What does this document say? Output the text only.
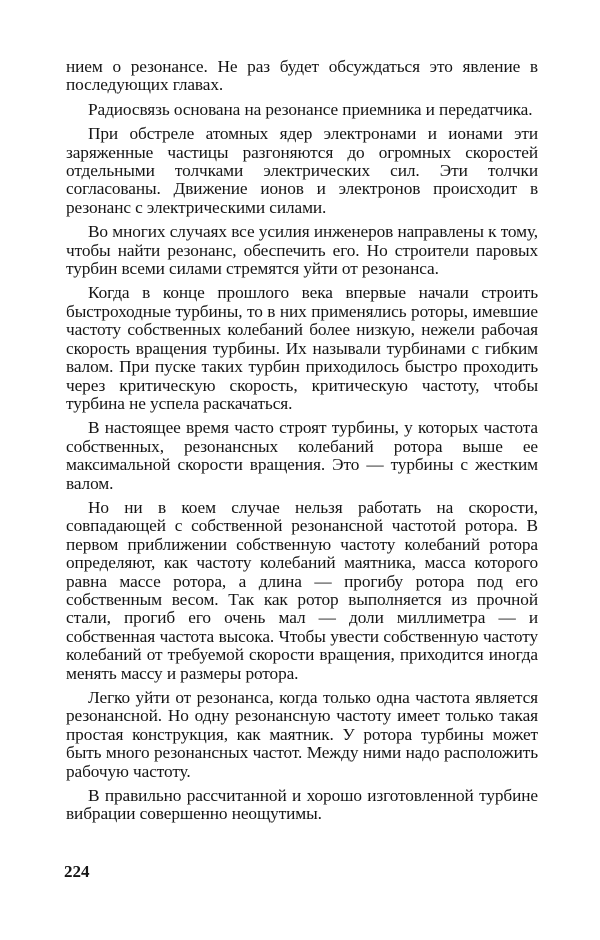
нием о резонансе. Не раз будет обсуждаться это явление в последующих главах.

Радиосвязь основана на резонансе приемника и передатчика.

При обстреле атомных ядер электронами и ионами эти заряженные частицы разгоняются до огромных скоростей отдельными толчками электрических сил. Эти толчки согласованы. Движение ионов и электронов происходит в резонанс с электрическими силами.

Во многих случаях все усилия инженеров направлены к тому, чтобы найти резонанс, обеспечить его. Но строители паровых турбин всеми силами стремятся уйти от резонанса.

Когда в конце прошлого века впервые начали строить быстроходные турбины, то в них применялись роторы, имевшие частоту собственных колебаний более низкую, нежели рабочая скорость вращения турбины. Их называли турбинами с гибким валом. При пуске таких турбин приходилось быстро проходить через критическую скорость, критическую частоту, чтобы турбина не успела раскачаться.

В настоящее время часто строят турбины, у которых частота собственных, резонансных колебаний ротора выше ее максимальной скорости вращения. Это — турбины с жестким валом.

Но ни в коем случае нельзя работать на скорости, совпадающей с собственной резонансной частотой ротора. В первом приближении собственную частоту колебаний ротора определяют, как частоту колебаний маятника, масса которого равна массе ротора, а длина — прогибу ротора под его собственным весом. Так как ротор выполняется из прочной стали, прогиб его очень мал — доли миллиметра — и собственная частота высока. Чтобы увести собственную частоту колебаний от требуемой скорости вращения, приходится иногда менять массу и размеры ротора.

Легко уйти от резонанса, когда только одна частота является резонансной. Но одну резонансную частоту имеет только такая простая конструкция, как маятник. У ротора турбины может быть много резонансных частот. Между ними надо расположить рабочую частоту.

В правильно рассчитанной и хорошо изготовленной турбине вибрации совершенно неощутимы.

224
